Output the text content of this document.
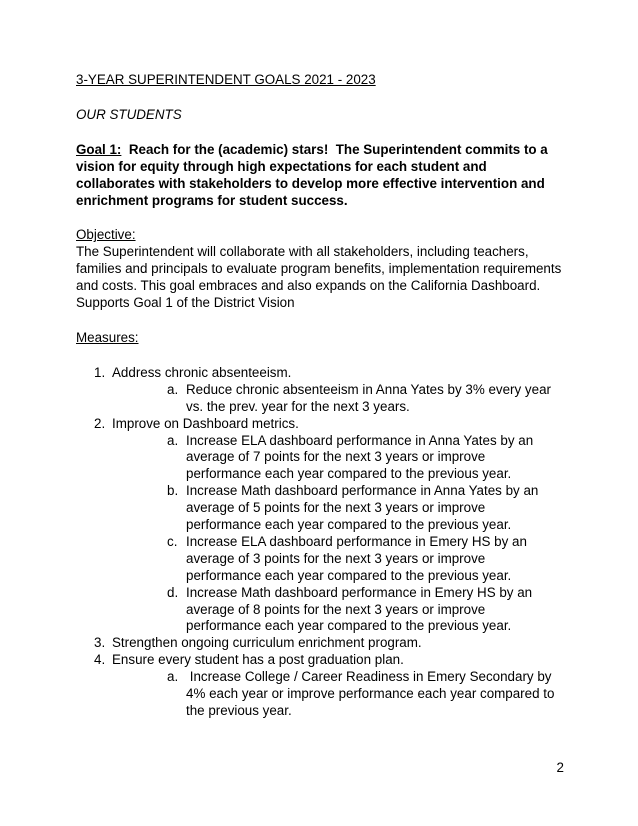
3-YEAR SUPERINTENDENT GOALS 2021 - 2023

OUR STUDENTS

Goal 1:  Reach for the (academic) stars!  The Superintendent commits to a vision for equity through high expectations for each student and collaborates with stakeholders to develop more effective intervention and enrichment programs for student success.

Objective:

The Superintendent will collaborate with all stakeholders, including teachers, families and principals to evaluate program benefits, implementation requirements and costs. This goal embraces and also expands on the California Dashboard. Supports Goal 1 of the District Vision

Measures:

1. Address chronic absenteeism.
a. Reduce chronic absenteeism in Anna Yates by 3% every year vs. the prev. year for the next 3 years.
2. Improve on Dashboard metrics.
a. Increase ELA dashboard performance in Anna Yates by an average of 7 points for the next 3 years or improve performance each year compared to the previous year.
b. Increase Math dashboard performance in Anna Yates by an average of 5 points for the next 3 years or improve performance each year compared to the previous year.
c. Increase ELA dashboard performance in Emery HS by an average of 3 points for the next 3 years or improve performance each year compared to the previous year.
d. Increase Math dashboard performance in Emery HS by an average of 8 points for the next 3 years or improve performance each year compared to the previous year.
3. Strengthen ongoing curriculum enrichment program.
4. Ensure every student has a post graduation plan.
a. Increase College / Career Readiness in Emery Secondary by 4% each year or improve performance each year compared to the previous year.
2
